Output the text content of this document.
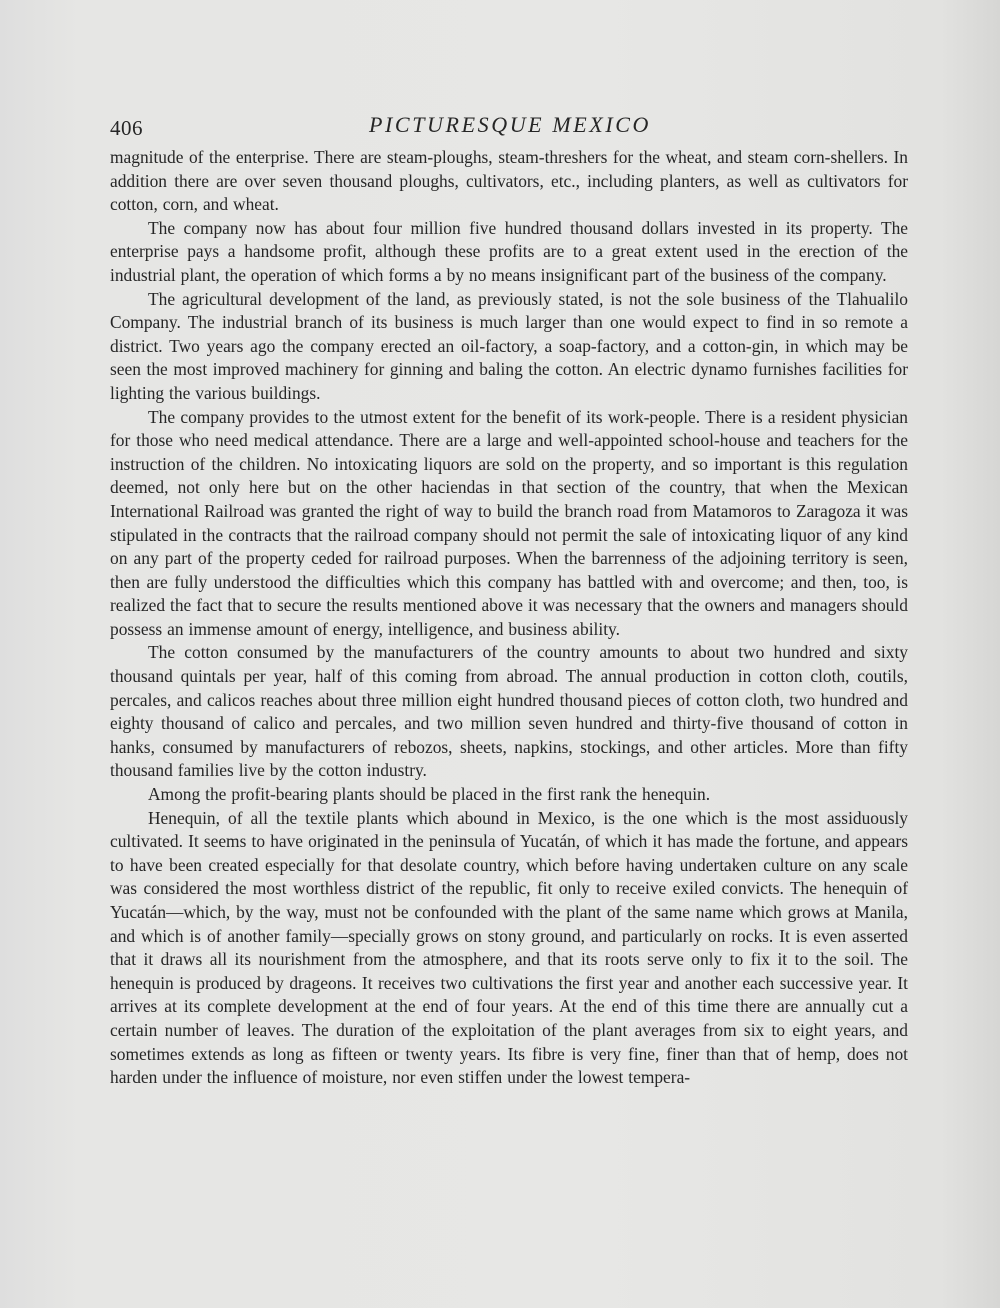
406	PICTURESQUE MEXICO

magnitude of the enterprise. There are steam-ploughs, steam-threshers for the wheat, and steam corn-shellers. In addition there are over seven thousand ploughs, cultivators, etc., including planters, as well as cultivators for cotton, corn, and wheat.

The company now has about four million five hundred thousand dollars invested in its property. The enterprise pays a handsome profit, although these profits are to a great extent used in the erection of the industrial plant, the operation of which forms a by no means insignificant part of the business of the company.

The agricultural development of the land, as previously stated, is not the sole business of the Tlahualilo Company. The industrial branch of its business is much larger than one would expect to find in so remote a district. Two years ago the company erected an oil-factory, a soap-factory, and a cotton-gin, in which may be seen the most improved machinery for ginning and baling the cotton. An electric dynamo furnishes facilities for lighting the various buildings.

The company provides to the utmost extent for the benefit of its work-people. There is a resident physician for those who need medical attendance. There are a large and well-appointed school-house and teachers for the instruction of the children. No intoxicating liquors are sold on the property, and so important is this regulation deemed, not only here but on the other haciendas in that section of the country, that when the Mexican International Railroad was granted the right of way to build the branch road from Matamoros to Zaragoza it was stipulated in the contracts that the railroad company should not permit the sale of intoxicating liquor of any kind on any part of the property ceded for railroad purposes. When the barrenness of the adjoining territory is seen, then are fully understood the difficulties which this company has battled with and overcome; and then, too, is realized the fact that to secure the results mentioned above it was necessary that the owners and managers should possess an immense amount of energy, intelligence, and business ability.

The cotton consumed by the manufacturers of the country amounts to about two hundred and sixty thousand quintals per year, half of this coming from abroad. The annual production in cotton cloth, coutils, percales, and calicos reaches about three million eight hundred thousand pieces of cotton cloth, two hundred and eighty thousand of calico and percales, and two million seven hundred and thirty-five thousand of cotton in hanks, consumed by manufacturers of rebozos, sheets, napkins, stockings, and other articles. More than fifty thousand families live by the cotton industry.

Among the profit-bearing plants should be placed in the first rank the henequin.

Henequin, of all the textile plants which abound in Mexico, is the one which is the most assiduously cultivated. It seems to have originated in the peninsula of Yucatán, of which it has made the fortune, and appears to have been created especially for that desolate country, which before having undertaken culture on any scale was considered the most worthless district of the republic, fit only to receive exiled convicts. The henequin of Yucatán—which, by the way, must not be confounded with the plant of the same name which grows at Manila, and which is of another family—specially grows on stony ground, and particularly on rocks. It is even asserted that it draws all its nourishment from the atmosphere, and that its roots serve only to fix it to the soil. The henequin is produced by drageons. It receives two cultivations the first year and another each successive year. It arrives at its complete development at the end of four years. At the end of this time there are annually cut a certain number of leaves. The duration of the exploitation of the plant averages from six to eight years, and sometimes extends as long as fifteen or twenty years. Its fibre is very fine, finer than that of hemp, does not harden under the influence of moisture, nor even stiffen under the lowest tempera-
